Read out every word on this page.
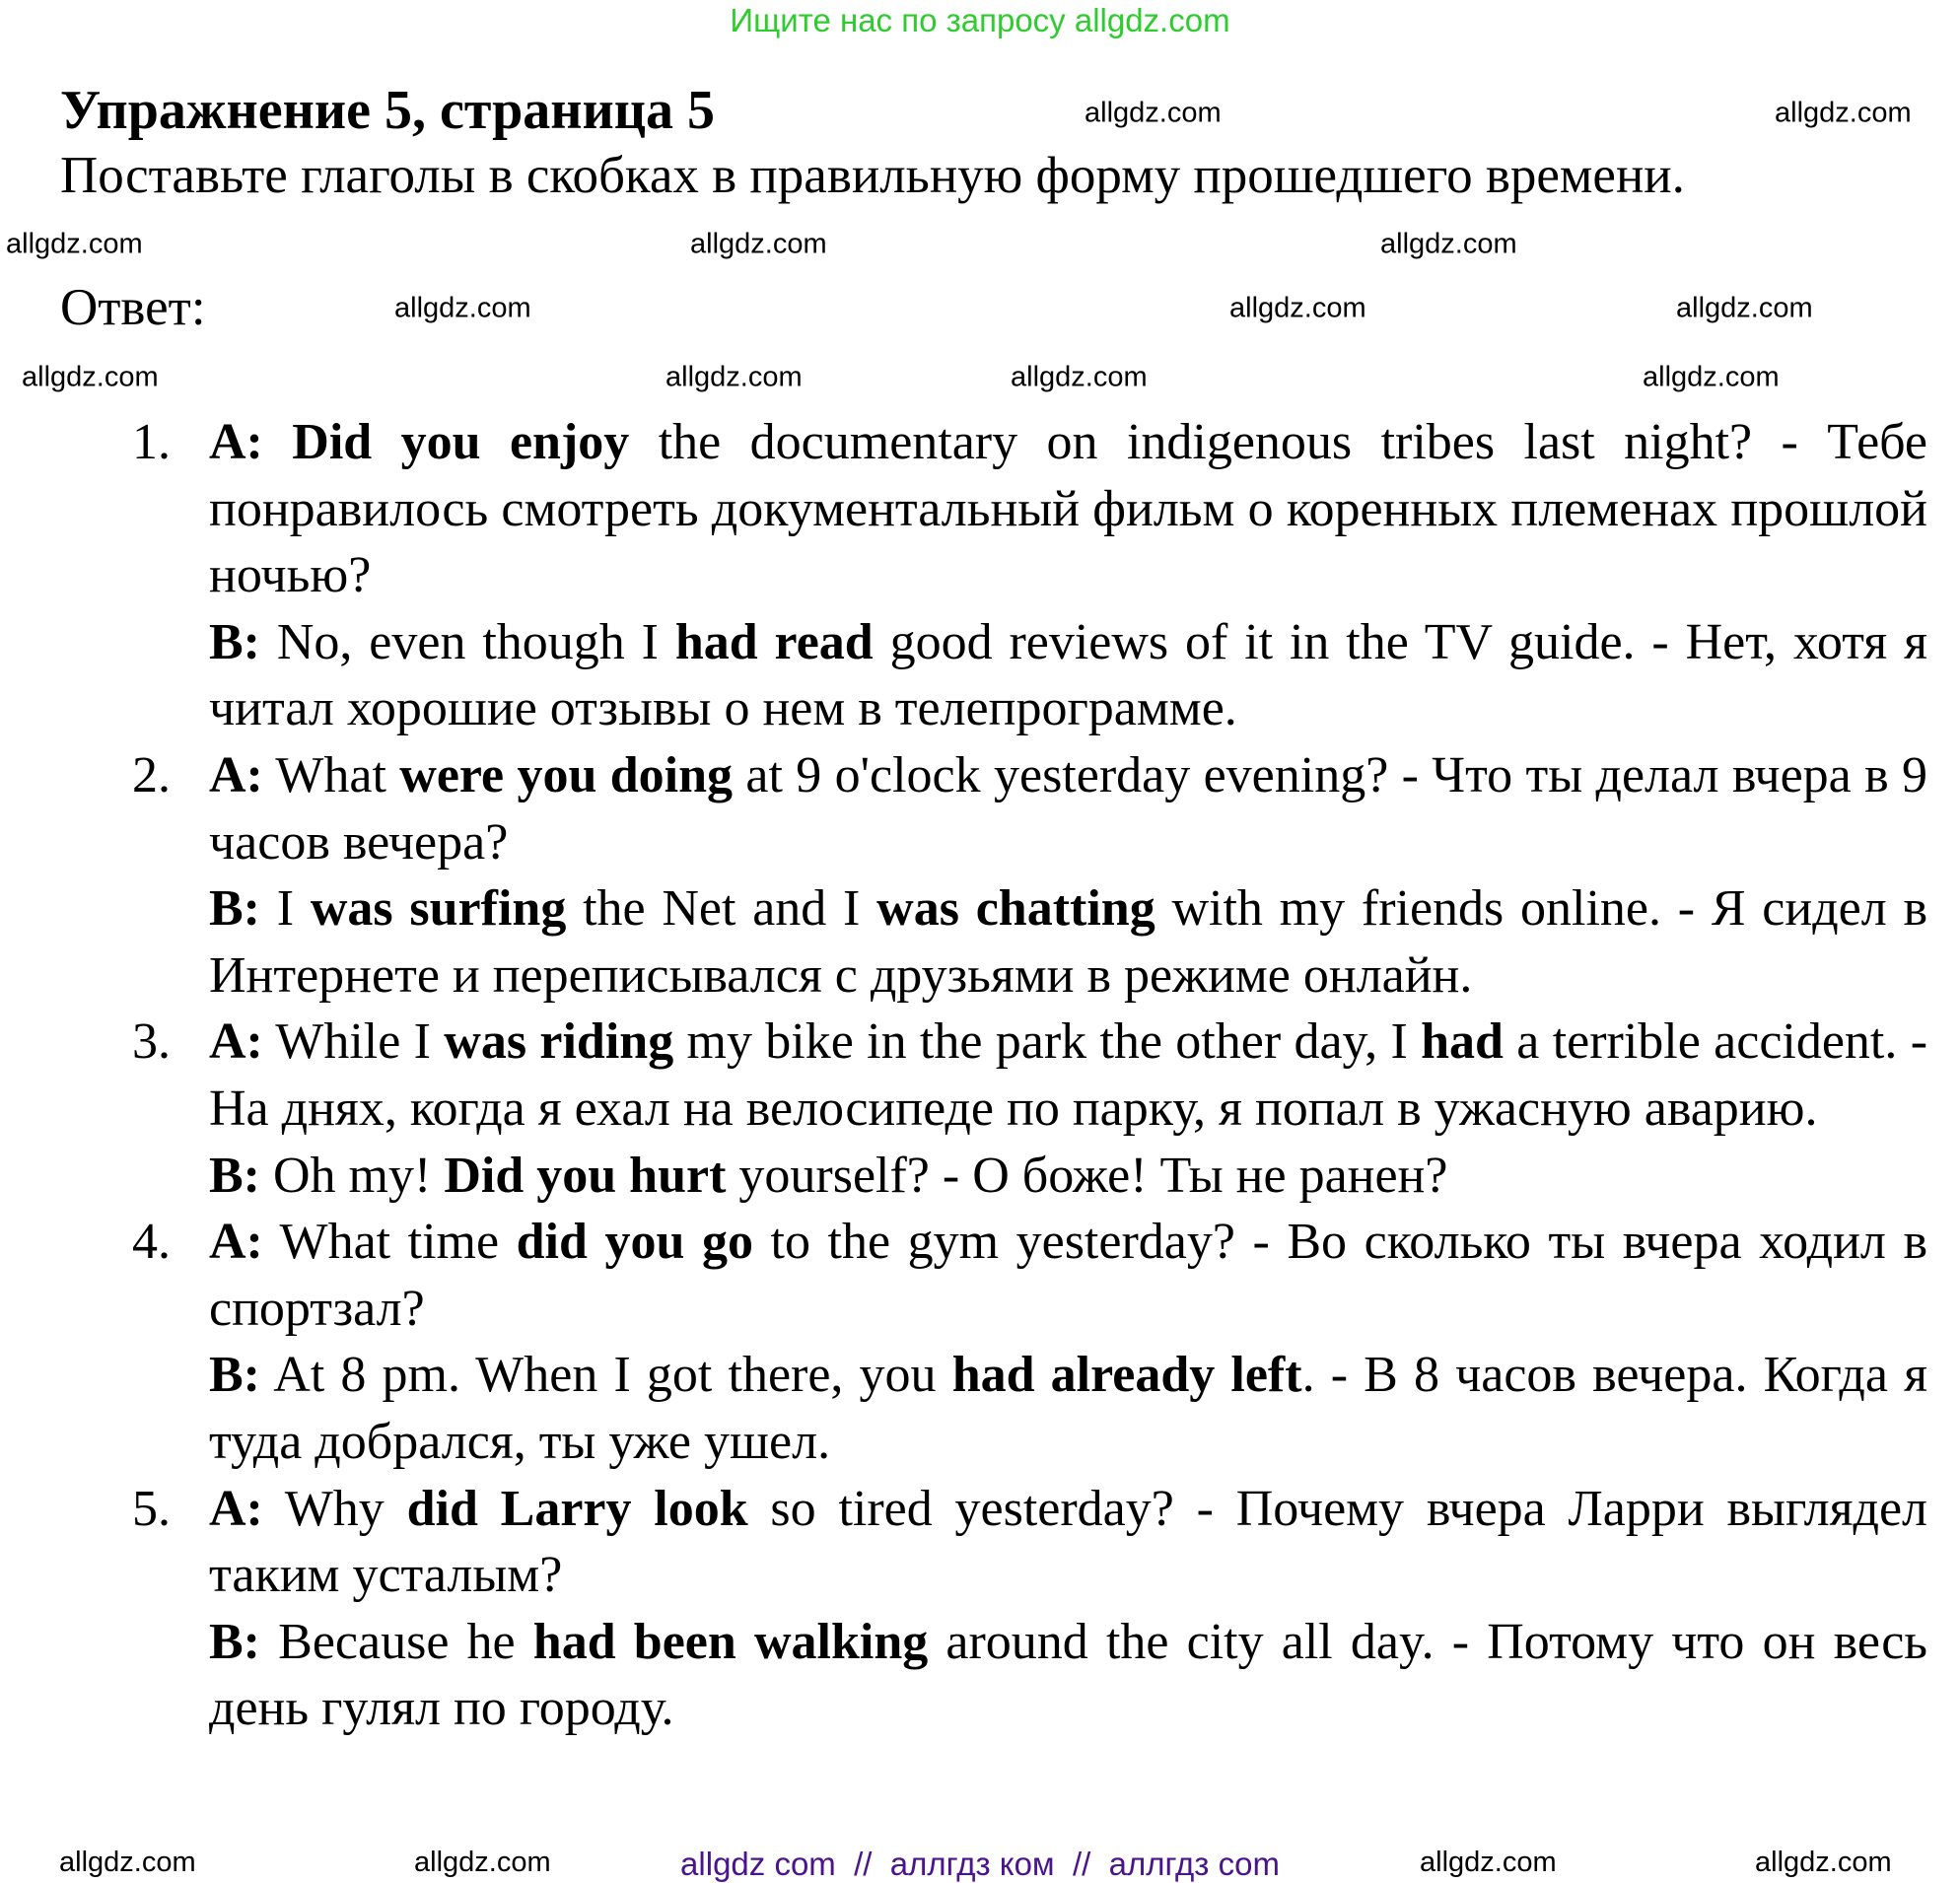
Ищите нас по запросу allgdz.com
Упражнение 5, страница 5
Поставьте глаголы в скобках в правильную форму прошедшего времени.
Ответ:
1. A: Did you enjoy the documentary on indigenous tribes last night? - Тебе понравилось смотреть документальный фильм о коренных племенах прошлой ночью?
B: No, even though I had read good reviews of it in the TV guide. - Нет, хотя я читал хорошие отзывы о нем в телепрограмме.
2. A: What were you doing at 9 o'clock yesterday evening? - Что ты делал вчера в 9 часов вечера?
B: I was surfing the Net and I was chatting with my friends online. - Я сидел в Интернете и переписывался с друзьями в режиме онлайн.
3. A: While I was riding my bike in the park the other day, I had a terrible accident. - На днях, когда я ехал на велосипеде по парку, я попал в ужасную аварию.
B: Oh my! Did you hurt yourself? - О боже! Ты не ранен?
4. A: What time did you go to the gym yesterday? - Во сколько ты вчера ходил в спортзал?
B: At 8 pm. When I got there, you had already left. - В 8 часов вечера. Когда я туда добрался, ты уже ушел.
5. A: Why did Larry look so tired yesterday? - Почему вчера Ларри выглядел таким усталым?
B: Because he had been walking around the city all day. - Потому что он весь день гулял по городу.
allgdz.com	allgdz.com
allgdz.com	allgdz.com	allgdz.com
allgdz.com	allgdz.com	allgdz.com
allgdz.com	allgdz.com	allgdz.com	allgdz.com
allgdz.com	allgdz.com	allgdz.com	allgdz.com
allgdz com  //  аллгдз ком  //  аллгдз com
